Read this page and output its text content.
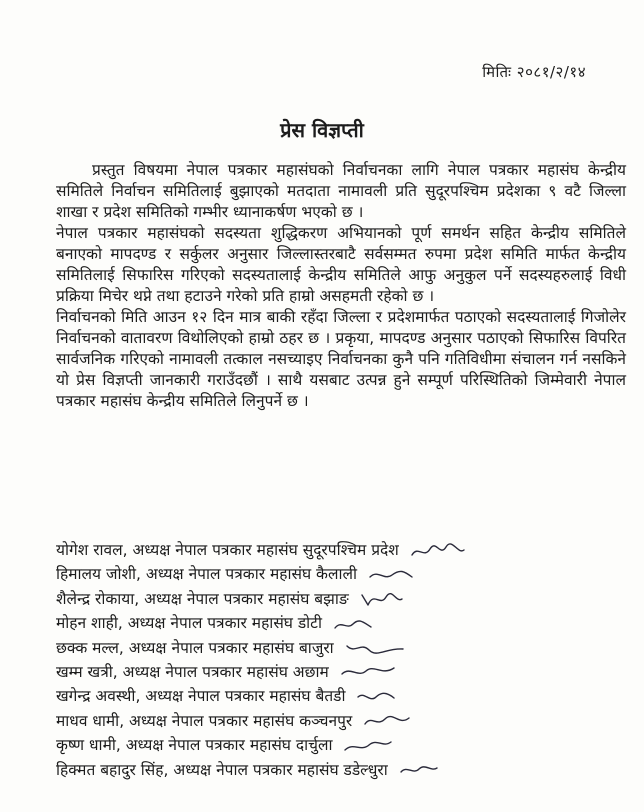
मितिः २०८१/२/१४
प्रेस विज्ञप्ती

प्रस्तुत विषयमा नेपाल पत्रकार महासंघको निर्वाचनका लागि नेपाल पत्रकार महासंघ केन्द्रीय समितिले निर्वाचन समितिलाई बुझाएको मतदाता नामावली प्रति सुदूरपश्चिम प्रदेशका ९ वटै जिल्ला शाखा र प्रदेश समितिको गम्भीर ध्यानाकर्षण भएको छ ।

नेपाल पत्रकार महासंघको सदस्यता शुद्धिकरण अभियानको पूर्ण समर्थन सहित केन्द्रीय समितिले बनाएको मापदण्ड र सर्कुलर अनुसार जिल्लास्तरबाटै सर्वसम्मत रुपमा प्रदेश समिति मार्फत केन्द्रीय समितिलाई सिफारिस गरिएको सदस्यतालाई केन्द्रीय समितिले आफु अनुकुल पर्ने सदस्यहरुलाई विधी प्रक्रिया मिचेर थप्ने तथा हटाउने गरेको प्रति हाम्रो असहमती रहेको छ ।

निर्वाचनको मिति आउन १२ दिन मात्र बाकी रहँदा जिल्ला र प्रदेशमार्फत पठाएको सदस्यतालाई गिजोलेर निर्वाचनको वातावरण विथोलिएको हाम्रो ठहर छ । प्रकृया, मापदण्ड अनुसार पठाएको सिफारिस विपरित सार्वजनिक गरिएको नामावली तत्काल नसच्याइए निर्वाचनका कुनै पनि गतिविधीमा संचालन गर्न नसकिने यो प्रेस विज्ञप्ती जानकारी गराउँदछौं । साथै यसबाट उत्पन्न हुने सम्पूर्ण परिस्थितिको जिम्मेवारी नेपाल पत्रकार महासंघ केन्द्रीय समितिले लिनुपर्ने छ ।

योगेश रावल, अध्यक्ष नेपाल पत्रकार महासंघ सुदूरपश्चिम प्रदेश
हिमालय जोशी, अध्यक्ष नेपाल पत्रकार महासंघ कैलाली
शैलेन्द्र रोकाया, अध्यक्ष नेपाल पत्रकार महासंघ बझाङ
मोहन शाही, अध्यक्ष नेपाल पत्रकार महासंघ डोटी
छक्क मल्ल, अध्यक्ष नेपाल पत्रकार महासंघ बाजुरा
खम्म खत्री, अध्यक्ष नेपाल पत्रकार महासंघ अछाम
खगेन्द्र अवस्थी, अध्यक्ष नेपाल पत्रकार महासंघ बैतडी
माधव धामी, अध्यक्ष नेपाल पत्रकार महासंघ कञ्चनपुर
कृष्ण धामी, अध्यक्ष नेपाल पत्रकार महासंघ दार्चुला
हिक्मत बहादुर सिंह, अध्यक्ष नेपाल पत्रकार महासंघ डडेल्धुरा
